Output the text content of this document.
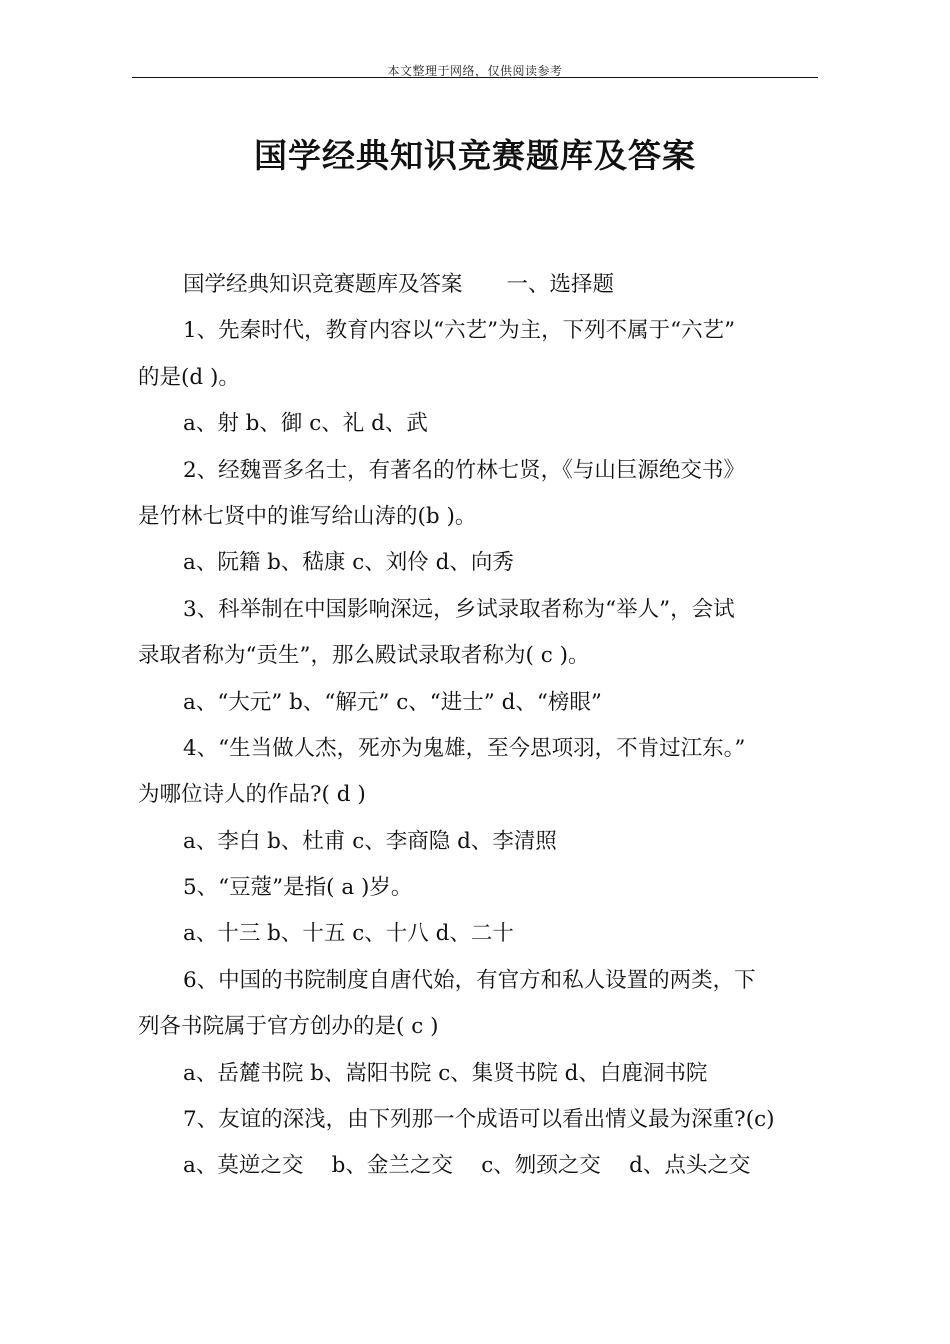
本文整理于网络，仅供阅读参考
国学经典知识竞赛题库及答案
国学经典知识竞赛题库及答案 一、选择题
1、先秦时代，教育内容以“六艺”为主，下列不属于“六艺”
的是(d )。
a、射 b、御 c、礼 d、武
2、经魏晋多名士，有著名的竹林七贤，《与山巨源绝交书》
是竹林七贤中的谁写给山涛的(b )。
a、阮籍 b、嵇康 c、刘伶 d、向秀
3、科举制在中国影响深远，乡试录取者称为“举人”，会试
录取者称为“贡生”，那么殿试录取者称为( c )。
a、“大元” b、“解元” c、“进士” d、“榜眼”
4、“生当做人杰，死亦为鬼雄，至今思项羽，不肯过江东。”
为哪位诗人的作品?( d )
a、李白 b、杜甫 c、李商隐 d、李清照
5、“豆蔻”是指( a )岁。
a、十三 b、十五 c、十八 d、二十
6、中国的书院制度自唐代始，有官方和私人设置的两类，下
列各书院属于官方创办的是( c )
a、岳麓书院 b、嵩阳书院 c、集贤书院 d、白鹿洞书院
7、友谊的深浅，由下列那一个成语可以看出情义最为深重?(c)
a、莫逆之交　 b、金兰之交　 c、刎颈之交　 d、点头之交
